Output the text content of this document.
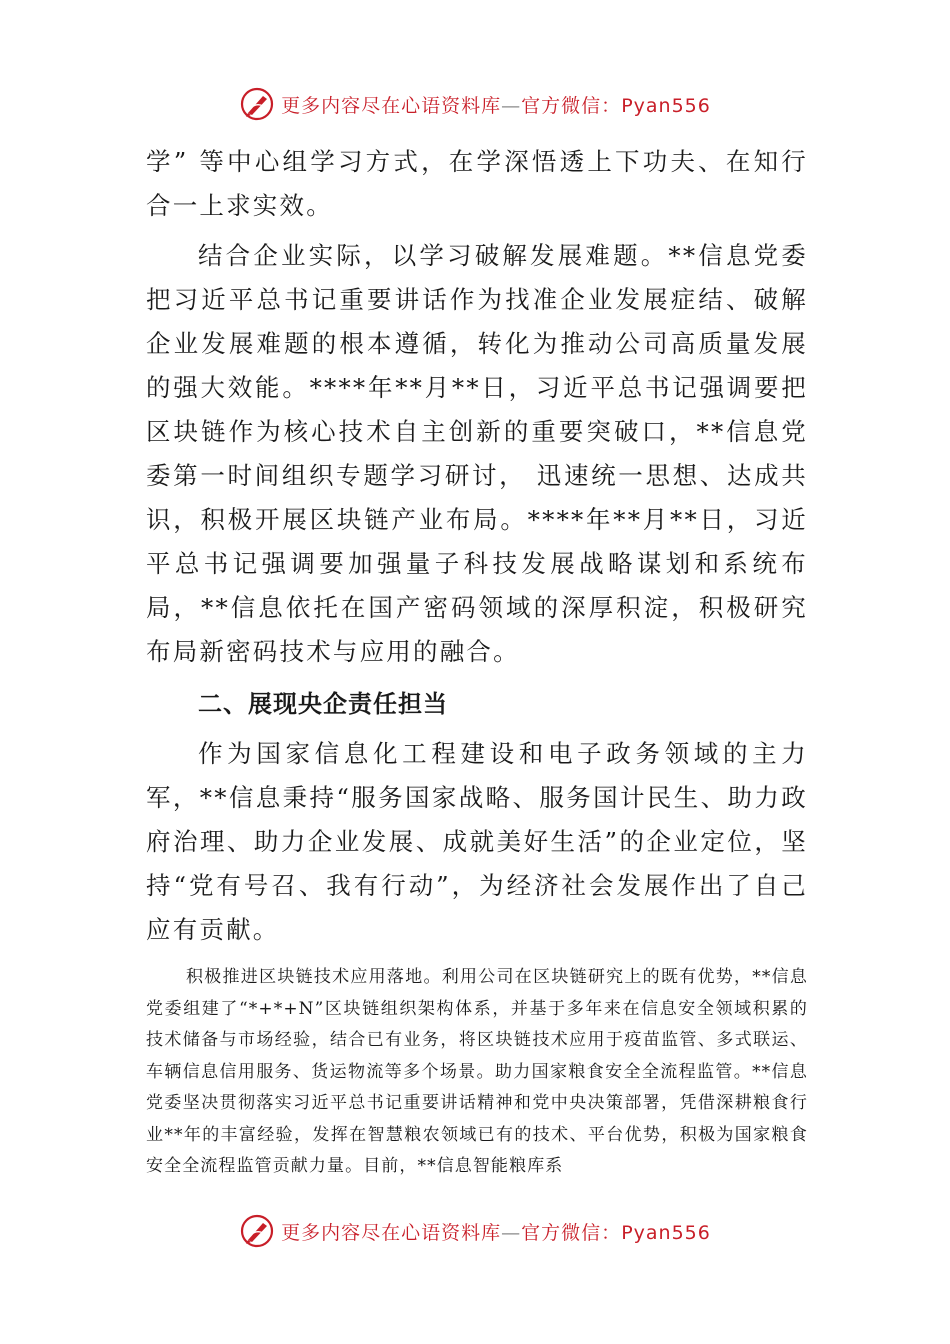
更多内容尽在心语资料库—官方微信：Pyan556

学” 等中心组学习方式，在学深悟透上下功夫、在知行合一上求实效。

结合企业实际，以学习破解发展难题。**信息党委把习近平总书记重要讲话作为找准企业发展症结、破解企业发展难题的根本遵循，转化为推动公司高质量发展的强大效能。****年**月**日，习近平总书记强调要把区块链作为核心技术自主创新的重要突破口，**信息党委第一时间组织专题学习研讨， 迅速统一思想、达成共识，积极开展区块链产业布局。****年**月**日，习近平总书记强调要加强量子科技发展战略谋划和系统布局，**信息依托在国产密码领域的深厚积淀，积极研究布局新密码技术与应用的融合。

二、展现央企责任担当

作为国家信息化工程建设和电子政务领域的主力军，**信息秉持“服务国家战略、服务国计民生、助力政府治理、助力企业发展、成就美好生活”的企业定位，坚持“党有号召、我有行动”，为经济社会发展作出了自己应有贡献。

积极推进区块链技术应用落地。利用公司在区块链研究上的既有优势，**信息党委组建了“*+*+N”区块链组织架构体系，并基于多年来在信息安全领域积累的技术储备与市场经验，结合已有业务，将区块链技术应用于疫苗监管、多式联运、车辆信息信用服务、货运物流等多个场景。助力国家粮食安全全流程监管。**信息党委坚决贯彻落实习近平总书记重要讲话精神和党中央决策部署，凭借深耕粮食行业**年的丰富经验，发挥在智慧粮农领域已有的技术、平台优势，积极为国家粮食安全全流程监管贡献力量。目前，**信息智能粮库系

更多内容尽在心语资料库—官方微信：Pyan556
